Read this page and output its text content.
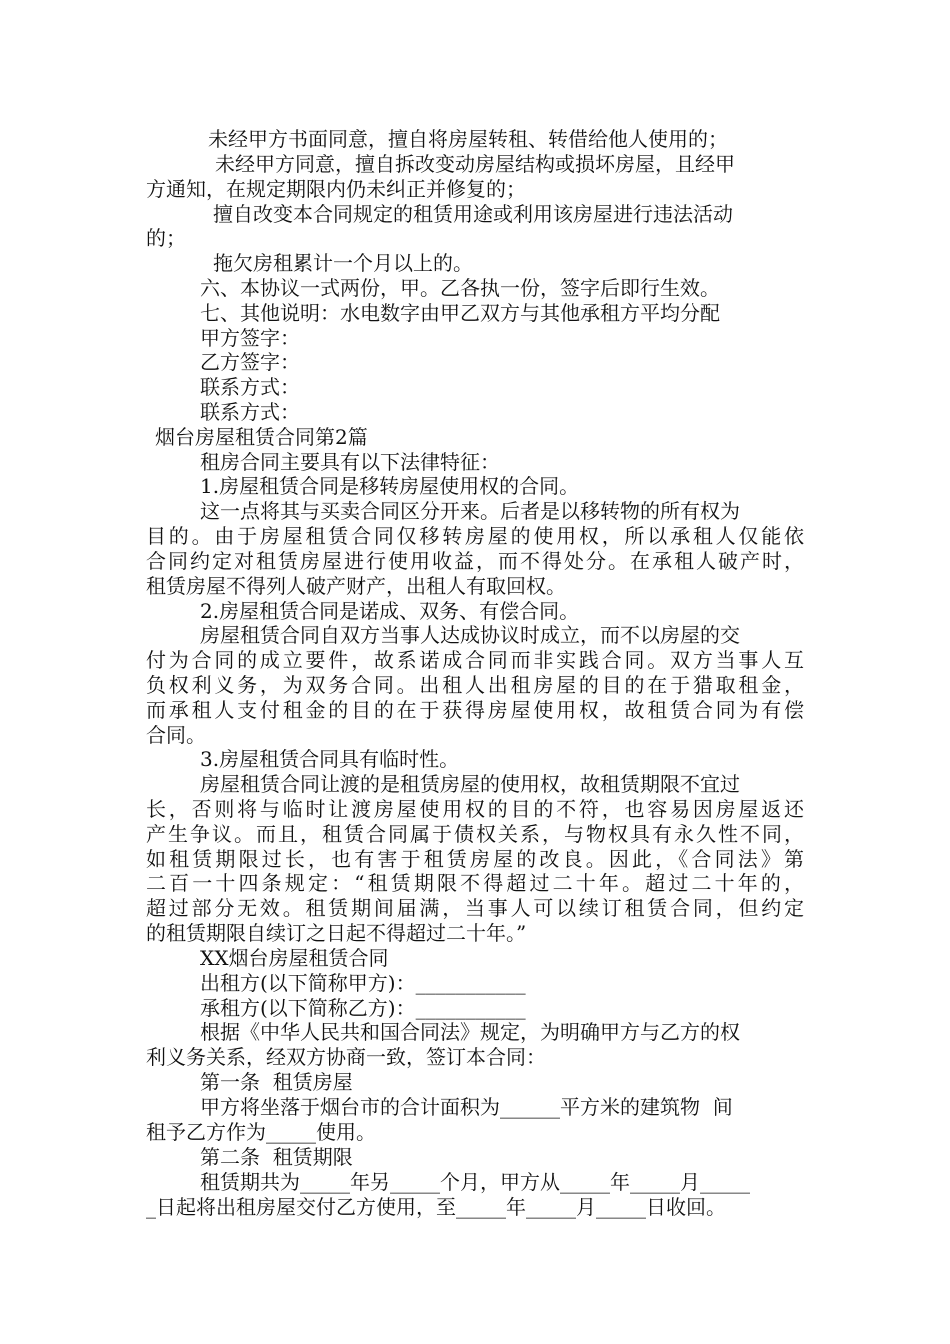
未经甲方书面同意，擅自将房屋转租、转借给他人使用的；
未经甲方同意，擅自拆改变动房屋结构或损坏房屋，且经甲
方通知，在规定期限内仍未纠正并修复的；
擅自改变本合同规定的租赁用途或利用该房屋进行违法活动
的；
拖欠房租累计一个月以上的。
六、本协议一式两份，甲。乙各执一份，签字后即行生效。
七、其他说明：水电数字由甲乙双方与其他承租方平均分配
甲方签字：
乙方签字：
联系方式：
联系方式：
烟台房屋租赁合同第2篇
租房合同主要具有以下法律特征：
1.房屋租赁合同是移转房屋使用权的合同。
这一点将其与买卖合同区分开来。后者是以移转物的所有权为
目的。由于房屋租赁合同仅移转房屋的使用权，所以承租人仅能依
合同约定对租赁房屋进行使用收益，而不得处分。在承租人破产时，
租赁房屋不得列人破产财产，出租人有取回权。
2.房屋租赁合同是诺成、双务、有偿合同。
房屋租赁合同自双方当事人达成协议时成立，而不以房屋的交
付为合同的成立要件，故系诺成合同而非实践合同。双方当事人互
负权利义务，为双务合同。出租人出租房屋的目的在于猎取租金，
而承租人支付租金的目的在于获得房屋使用权，故租赁合同为有偿
合同。
3.房屋租赁合同具有临时性。
房屋租赁合同让渡的是租赁房屋的使用权，故租赁期限不宜过
长，否则将与临时让渡房屋使用权的目的不符，也容易因房屋返还
产生争议。而且，租赁合同属于债权关系，与物权具有永久性不同，
如租赁期限过长，也有害于租赁房屋的改良。因此，《合同法》第
二百一十四条规定：“租赁期限不得超过二十年。超过二十年的，
超过部分无效。租赁期间届满，当事人可以续订租赁合同，但约定
的租赁期限自续订之日起不得超过二十年。”
XX烟台房屋租赁合同
出租方(以下简称甲方)：___________
承租方(以下简称乙方)：___________
根据《中华人民共和国合同法》规定，为明确甲方与乙方的权
利义务关系，经双方协商一致，签订本合同：
第一条  租赁房屋
甲方将坐落于烟台市的合计面积为______平方米的建筑物  间
租予乙方作为_____使用。
第二条  租赁期限
租赁期共为_____年另_____个月，甲方从_____年_____月_____
_日起将出租房屋交付乙方使用，至_____年_____月_____日收回。
